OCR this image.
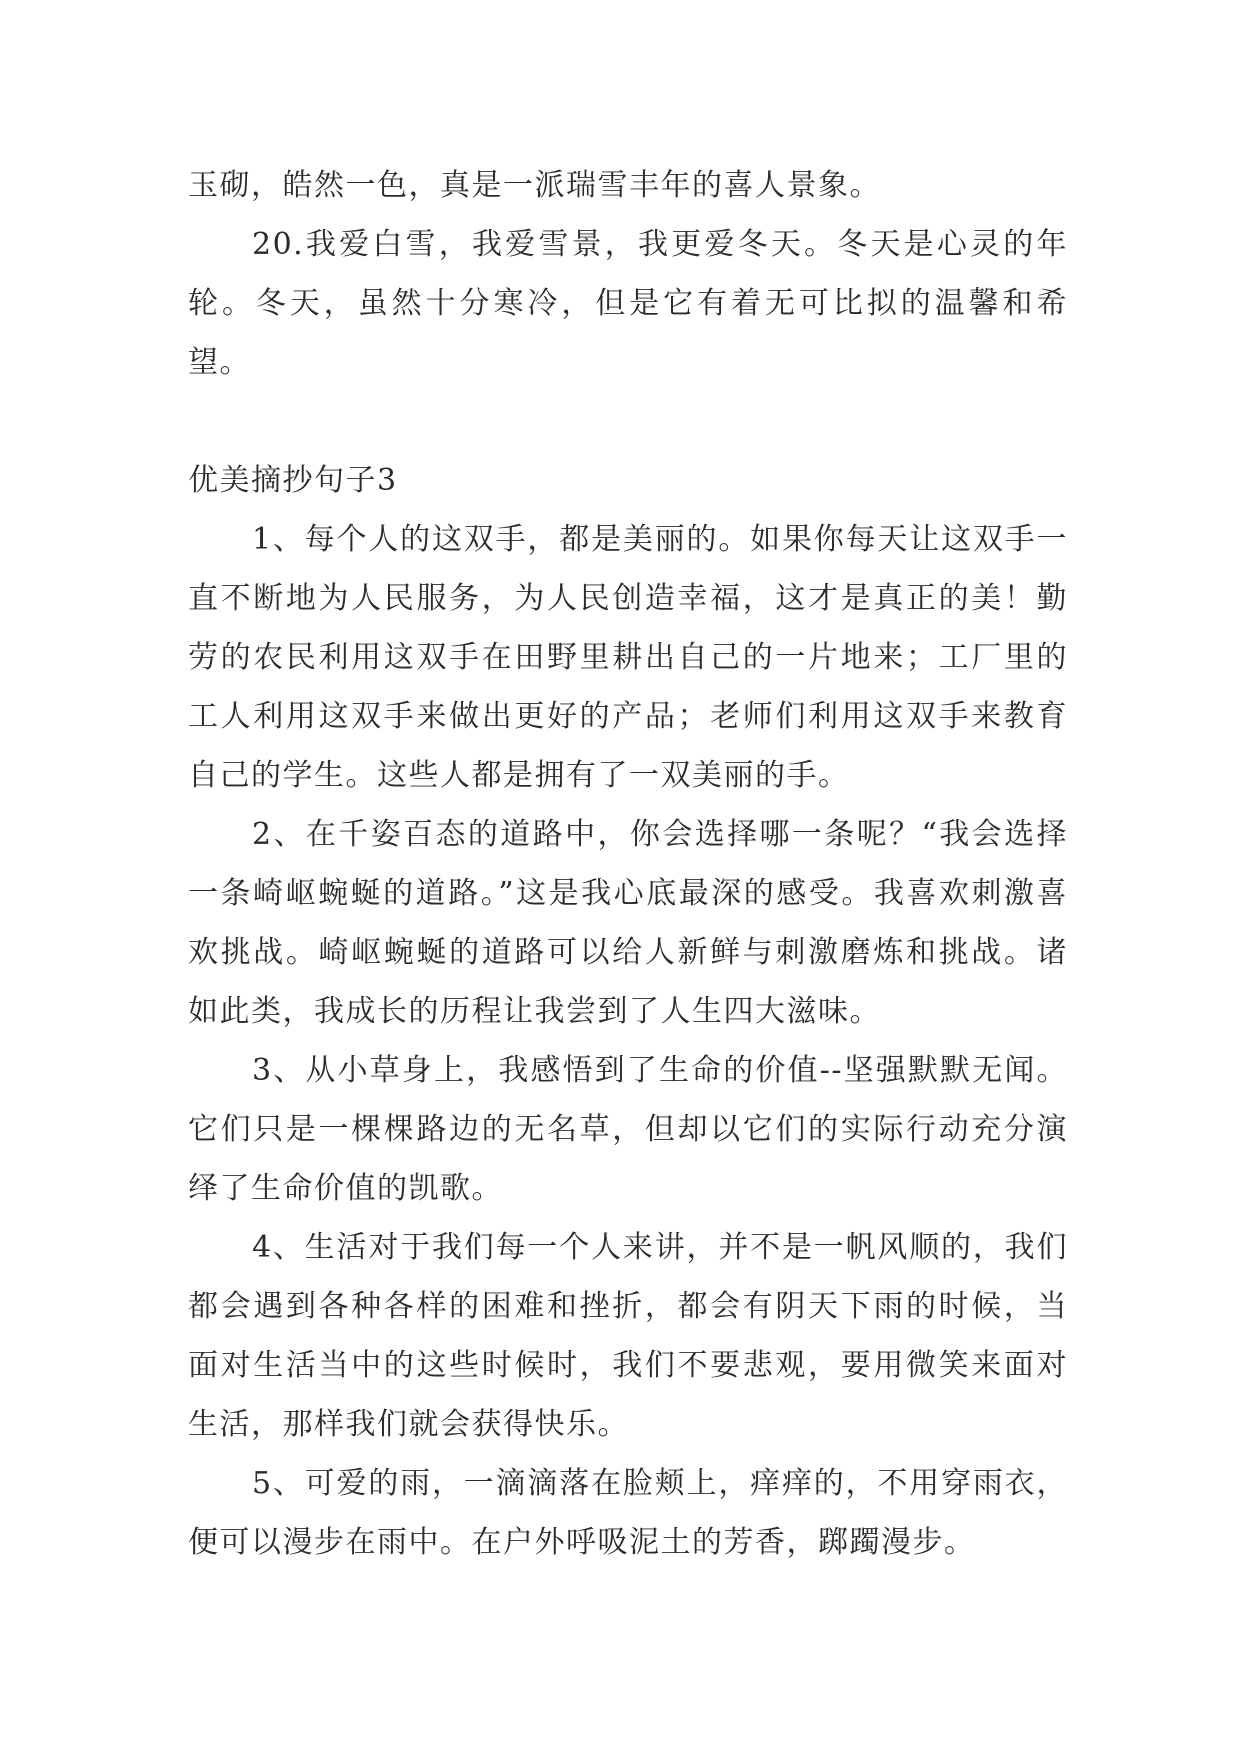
玉砌，皓然一色，真是一派瑞雪丰年的喜人景象。

20.我爱白雪，我爱雪景，我更爱冬天。冬天是心灵的年轮。冬天，虽然十分寒冷，但是它有着无可比拟的温馨和希望。

优美摘抄句子3

1、每个人的这双手，都是美丽的。如果你每天让这双手一直不断地为人民服务，为人民创造幸福，这才是真正的美！勤劳的农民利用这双手在田野里耕出自己的一片地来；工厂里的工人利用这双手来做出更好的产品；老师们利用这双手来教育自己的学生。这些人都是拥有了一双美丽的手。

2、在千姿百态的道路中，你会选择哪一条呢？“我会选择一条崎岖蜿蜒的道路。”这是我心底最深的感受。我喜欢刺激喜欢挑战。崎岖蜿蜒的道路可以给人新鲜与刺激磨炼和挑战。诸如此类，我成长的历程让我尝到了人生四大滋味。

3、从小草身上，我感悟到了生命的价值--坚强默默无闻。它们只是一棵棵路边的无名草，但却以它们的实际行动充分演绎了生命价值的凯歌。

4、生活对于我们每一个人来讲，并不是一帆风顺的，我们都会遇到各种各样的困难和挫折，都会有阴天下雨的时候，当面对生活当中的这些时候时，我们不要悲观，要用微笑来面对生活，那样我们就会获得快乐。

5、可爱的雨，一滴滴落在脸颊上，痒痒的，不用穿雨衣，便可以漫步在雨中。在户外呼吸泥土的芳香，踯躅漫步。
